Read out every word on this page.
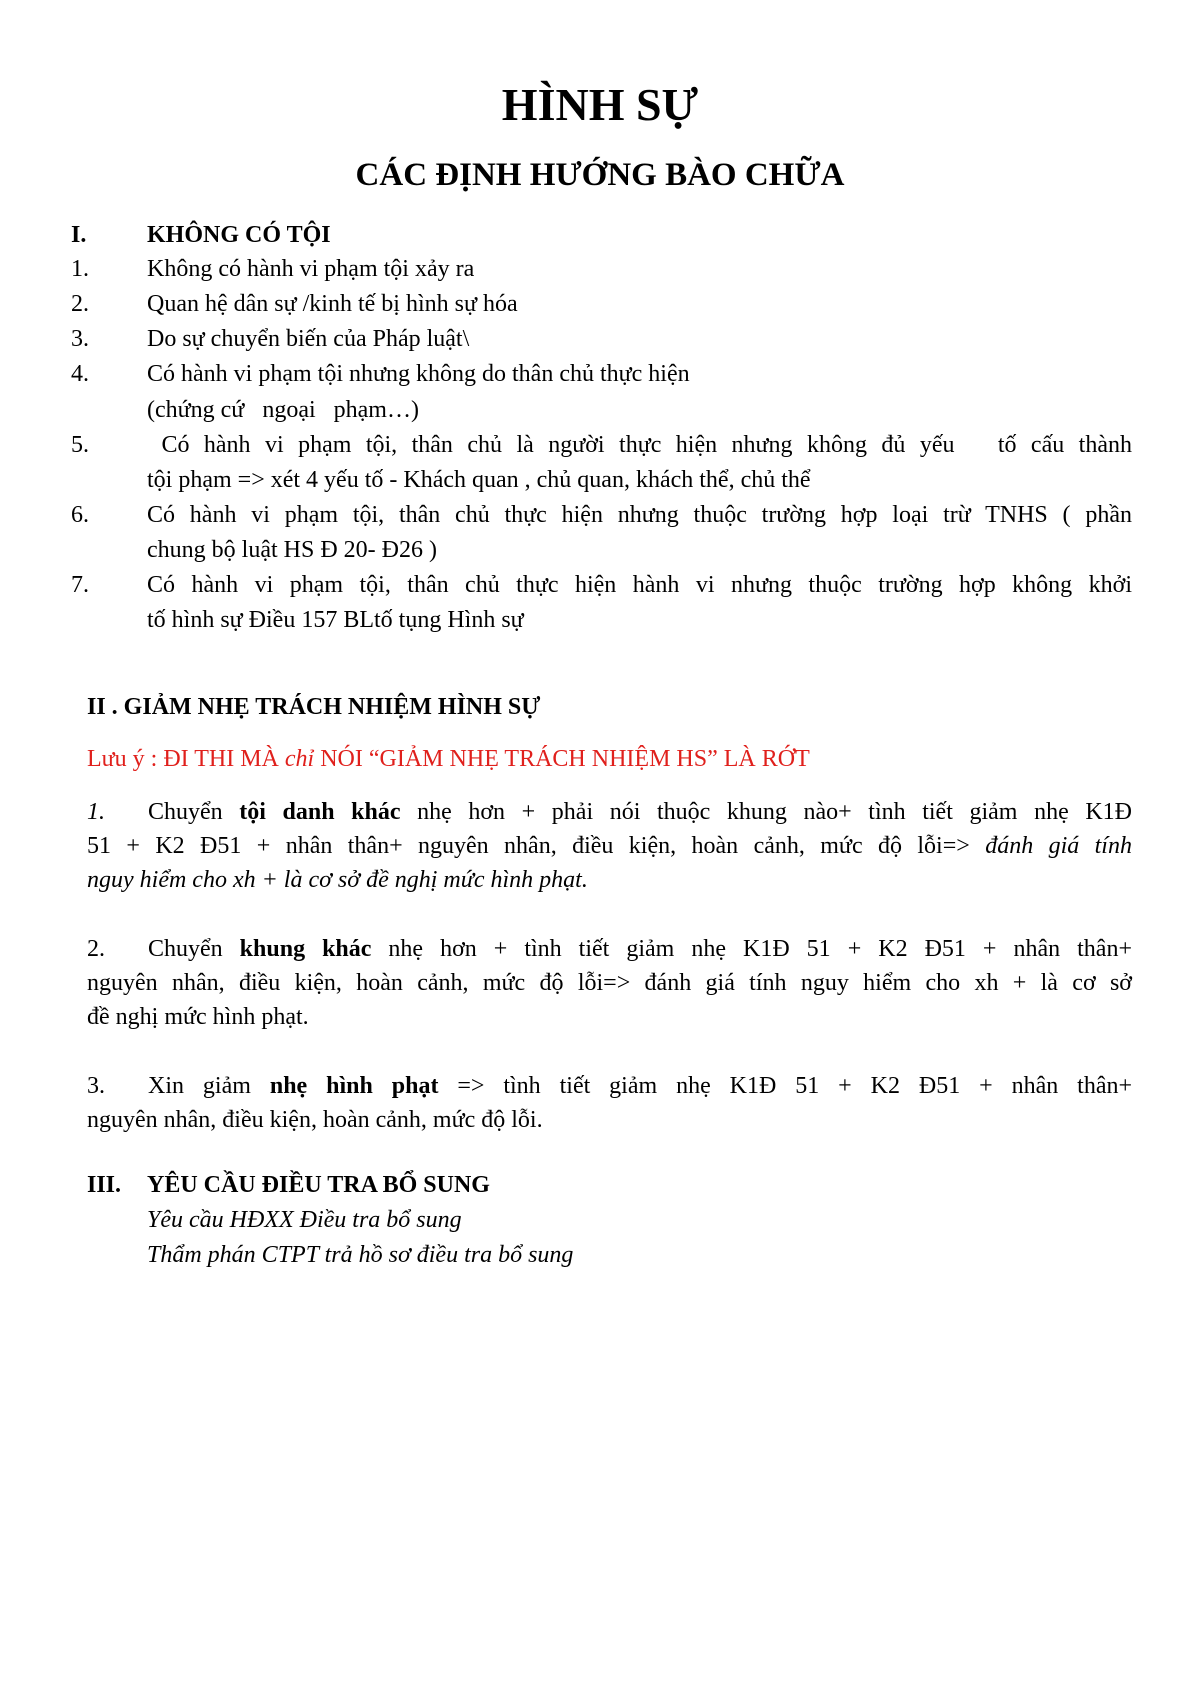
HÌNH SỰ
CÁC ĐỊNH HƯỚNG BÀO CHỮA
I.	KHÔNG CÓ TỘI
1. Không có hành vi phạm tội xảy ra
2. Quan hệ dân sự /kinh tế bị hình sự hóa
3. Do sự chuyển biến của Pháp luật\
4. Có hành vi phạm tội nhưng không do thân chủ thực hiện
(chứng cứ   ngoại   phạm…)
5. Có hành vi phạm tội, thân chủ là người thực hiện nhưng không đủ yếu   tố cấu thành
tội phạm => xét 4 yếu tố - Khách quan , chủ quan, khách thể, chủ thể
6. Có hành vi phạm tội, thân chủ thực hiện nhưng thuộc trường hợp loại trừ TNHS ( phần
chung bộ luật HS Đ 20- Đ26 )
7. Có hành vi phạm tội, thân chủ thực hiện hành vi nhưng thuộc trường hợp không khởi
tố hình sự Điều 157 BLtố tụng Hình sự
II . GIẢM NHẸ TRÁCH NHIỆM HÌNH SỰ
Lưu ý : ĐI THI MÀ chỉ NÓI “GIẢM NHẸ TRÁCH NHIỆM HS” LÀ RỚT
1. Chuyển tội danh khác nhẹ hơn + phải nói thuộc khung nào+ tình tiết giảm nhẹ K1Đ
51 + K2 Đ51 + nhân thân+ nguyên nhân, điều kiện, hoàn cảnh, mức độ lỗi=> đánh giá tính
nguy hiểm cho xh + là cơ sở đề nghị mức hình phạt.
2. Chuyển khung khác nhẹ hơn + tình tiết giảm nhẹ K1Đ 51 + K2 Đ51 + nhân thân+
nguyên nhân, điều kiện, hoàn cảnh, mức độ lỗi=> đánh giá tính nguy hiểm cho xh + là cơ sở
đề nghị mức hình phạt.
3. Xin giảm nhẹ hình phạt => tình tiết giảm nhẹ K1Đ 51 + K2 Đ51 + nhân thân+
nguyên nhân, điều kiện, hoàn cảnh, mức độ lỗi.
III. YÊU CẦU ĐIỀU TRA BỔ SUNG
Yêu cầu HĐXX Điều tra bổ sung
Thẩm phán CTPT trả hồ sơ điều tra bổ sung
